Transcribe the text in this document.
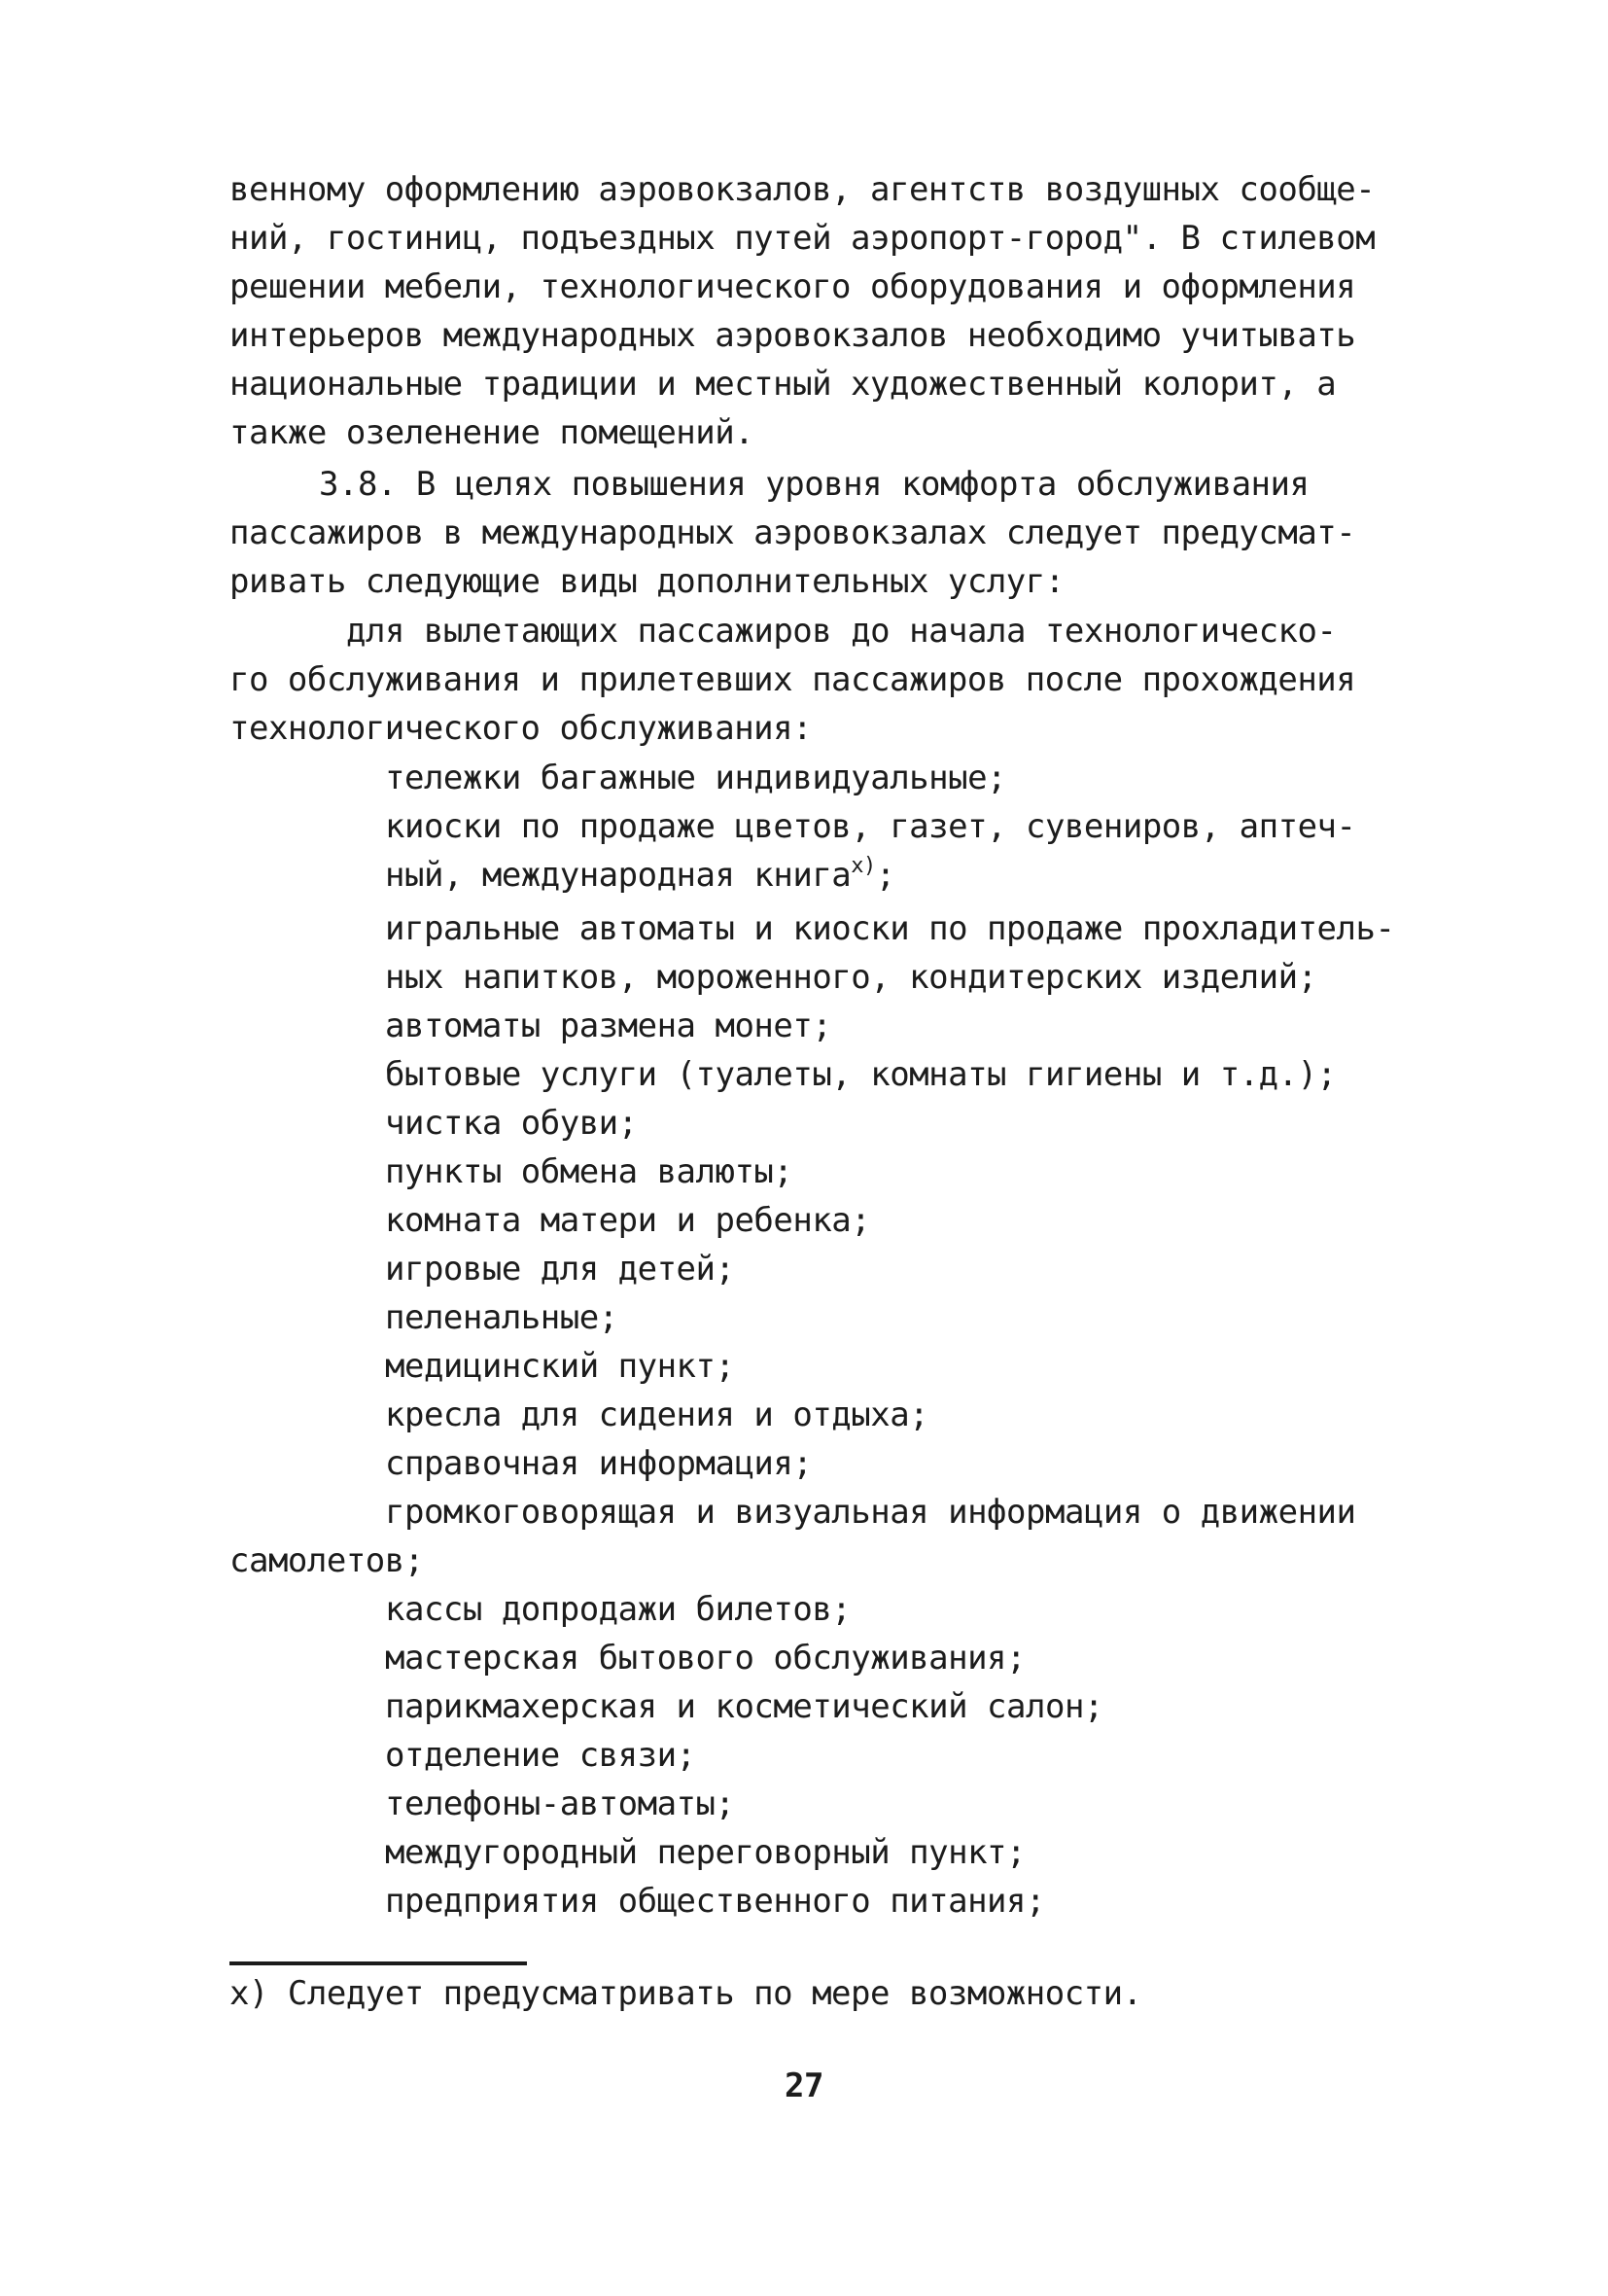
венному оформлению аэровокзалов, агентств воздушных сообще-
ний, гостиниц, подъездных путей аэропорт-город". В стилевом
решении мебели, технологического оборудования и оформления
интерьеров международных аэровокзалов необходимо учитывать
национальные традиции и местный художественный колорит, а
также озеленение помещений.
3.8. В целях повышения уровня комфорта обслуживания
пассажиров в международных аэровокзалах следует предусмат-
ривать следующие виды дополнительных услуг:
для вылетающих пассажиров до начала технологическо-
го обслуживания и прилетевших пассажиров после прохождения
технологического обслуживания:
тележки багажные индивидуальные;
киоски по продаже цветов, газет, сувениров, аптеч-
ный, международная книга$^{x)}$;
игральные автоматы и киоски по продаже прохладитель-
ных напитков, мороженного, кондитерских изделий;
автоматы размена монет;
бытовые услуги (туалеты, комнаты гигиены и т.д.);
чистка обуви;
пункты обмена валюты;
комната матери и ребенка;
игровые для детей;
пеленальные;
медицинский пункт;
кресла для сидения и отдыха;
справочная информация;
громкоговорящая и визуальная информация о движении
самолетов;
кассы допродажи билетов;
мастерская бытового обслуживания;
парикмахерская и косметический салон;
отделение связи;
телефоны-автоматы;
междугородный переговорный пункт;
предприятия общественного питания;
х) Следует предусматривать по мере возможности.
27
